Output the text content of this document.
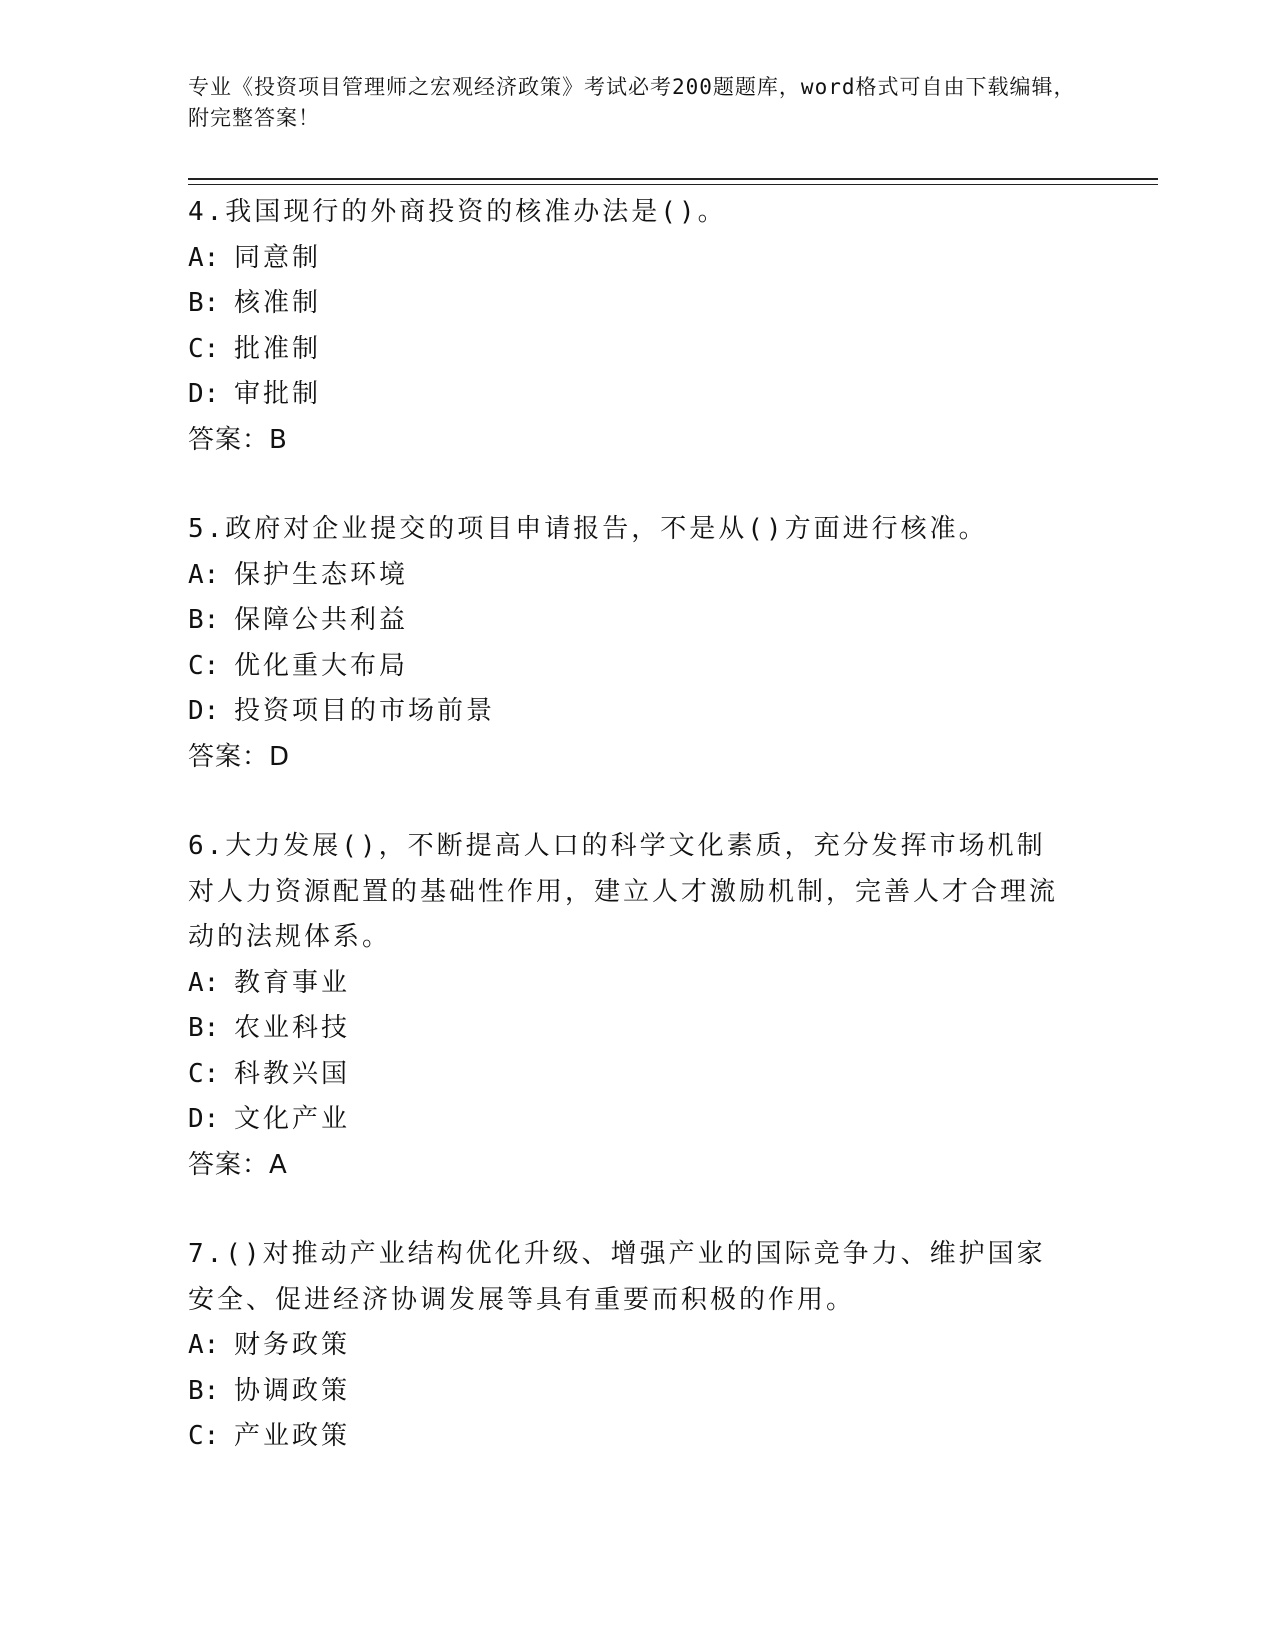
专业《投资项目管理师之宏观经济政策》考试必考200题题库，word格式可自由下载编辑，附完整答案！

4.我国现行的外商投资的核准办法是()。

A: 同意制

B: 核准制

C: 批准制

D: 审批制

答案：B

5.政府对企业提交的项目申请报告，不是从()方面进行核准。

A: 保护生态环境

B: 保障公共利益

C: 优化重大布局

D: 投资项目的市场前景

答案：D

6.大力发展()，不断提高人口的科学文化素质，充分发挥市场机制对人力资源配置的基础性作用，建立人才激励机制，完善人才合理流动的法规体系。

A: 教育事业

B: 农业科技

C: 科教兴国

D: 文化产业

答案：A

7.()对推动产业结构优化升级、增强产业的国际竞争力、维护国家安全、促进经济协调发展等具有重要而积极的作用。

A: 财务政策

B: 协调政策

C: 产业政策
